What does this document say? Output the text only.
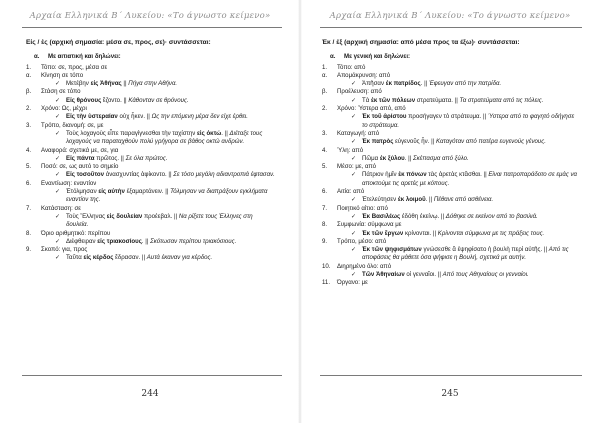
Αρχαία Ελληνικά Β΄ Λυκείου: «Το άγνωστο κείμενο»
Εἰς / ἐς (αρχική σημασία: μέσα σε, προς, σε)· συντάσσεται:
α. Με αιτιατική και δηλώνει:
1. Τόπο: σε, προς, μέσα σε
α. Κίνηση σε τόπο
✓ Μετέβην εἰς Ἀθήνας || Πήγα στην Αθήνα.
β. Στάση σε τόπο
✓ Εἰς θρόνους ἕζοντο. || Κάθονταν σε θρόνους.
2. Χρόνο: Ως, μέχρι
✓ Εἰς τὴν ὑστεραίαν οὐχ ἧκεν. || Ως την επόμενη μέρα δεν είχε έρθει.
3. Τρόπο, διανομή: σε, με
✓ Τοὺς λοχαγοὺς εἶπε παραγίγνεσθαι τὴν ταχίστην εἰς ὀκτώ. || Διέταξε τους λοχαγούς να παραταχθούν πολύ γρήγορα σε βάθος οκτώ ανδρών.
4. Αναφορά: σχετικά με, σε, για
✓ Εἰς πάντα πρῶτος. || Σε όλα πρώτος.
5. Ποσό: σε, ως αυτό το σημείο
✓ Εἰς τοσοῦτον ἀνασχυντίας ἀφίκοντο. || Σε τόσο μεγάλη αδιαντροπιά έφτασαν.
6. Εναντίωση: εναντίον
✓ Ἐτόλμησαν εἰς αὐτὴν ἐξαμαρτάνειν. || Τόλμησαν να διαπράξουν εγκλήματα εναντίον της.
7. Κατάσταση: σε
✓ Τοὺς Ἕλληνας εἰς δουλείαν προέεβαλ. || Να ρίξετε τους Έλληνες στη δουλεία.
8. Όριο αριθμητικό: περίπου
✓ Διέφθειραν εἰς τριακοσίους. || Σκότωσαν περίπου τριακόσιους.
9. Σκοπό: για, προς
✓ Ταῦτα εἰς κέρδος ἔδρασαν. || Αυτά έκαναν για κέρδος.
244
Αρχαία Ελληνικά Β΄ Λυκείου: «Το άγνωστο κείμενο»
Ἐκ / ἐξ (αρχική σημασία: από μέσα προς τα έξω)· συντάσσεται:
α. Με γενική και δηλώνει:
1. Τόπο: από
α. Απομάκρυνση: από
✓ Ἀπῆσαν ἐκ πατρίδος. || Έφευγαν από την πατρίδα.
β. Προέλευση: από
✓ Τὰ ἐκ τῶν πόλεων στρατεύματα. || Τα στρατεύματα από τις πόλεις.
2. Χρόνο: Ύστερα από, από
✓ Ἐκ τοῦ ἀρίστου προσήγαγεν τὸ στράτευμα. || Ύστερα από το φαγητό οδήγησε το στράτευμα.
3. Καταγωγή: από
✓ Ἐκ πατρὸς εὐγενοῦς ἦν. || Καταγόταν από πατέρα ευγενούς γένους.
4. Ύλη: από
✓ Πῶμα ἐκ ξύλου. || Σκέπασμα από ξύλο.
5. Μέσο: με, από
✓ Πάτριον ἡμῖν ἐκ πόνων τὰς ἀρετὰς κτᾶσθαι. || Είναι πατροπαράδοτο σε εμάς να αποκτούμε τις αρετές με κόπους.
6. Αιτία: από
✓ Ἐτελεύτησεν ἐκ λοιμοῦ. || Πέθανε από ασθένεια.
7. Ποιητικό αίτιο: από
✓ Ἐκ Βασιλέως ἐδόθη ἐκείνῳ. || Δόθηκε σε εκείνον από το βασιλιά.
8. Συμφωνία: σύμφωνα με
✓ Ἐκ τῶν ἔργων κρίνονται. || Κρίνονται σύμφωνα με τις πράξεις τους.
9. Τρόπο, μέσο: από
✓ Ἐκ τῶν ψηφισμάτων γνώσεσθε ἃ ἐψηφίσατο ἡ βουλὴ περὶ αὐτῆς. || Από τις αποφάσεις θα μάθετε όσα ψήφισε η Βουλή, σχετικά με αυτήν.
10. Διηρημένο όλο: από
✓ Τῶν Ἀθηναίων οἱ γενναῖοι. || Από τους Αθηναίους οι γενναίοι.
11. Όργανο: με
245
